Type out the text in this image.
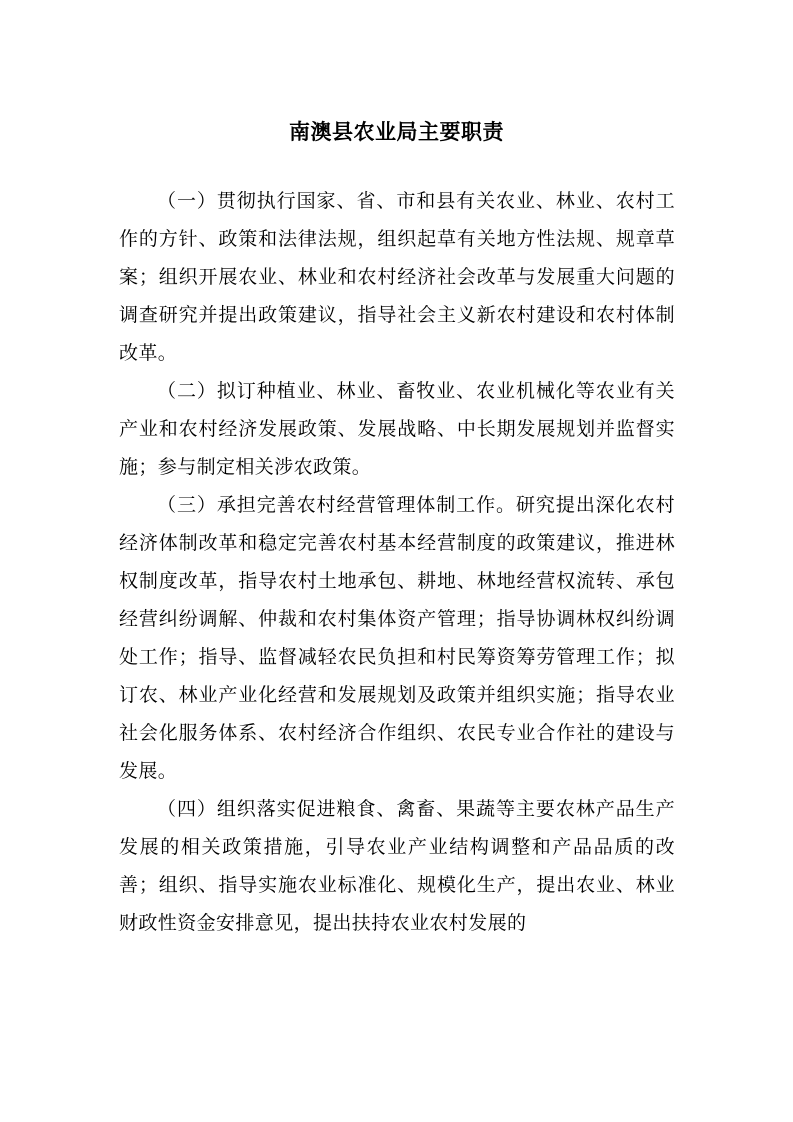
南澳县农业局主要职责

（一）贯彻执行国家、省、市和县有关农业、林业、农村工作的方针、政策和法律法规，组织起草有关地方性法规、规章草案；组织开展农业、林业和农村经济社会改革与发展重大问题的调查研究并提出政策建议，指导社会主义新农村建设和农村体制改革。

（二）拟订种植业、林业、畜牧业、农业机械化等农业有关产业和农村经济发展政策、发展战略、中长期发展规划并监督实施；参与制定相关涉农政策。

（三）承担完善农村经营管理体制工作。研究提出深化农村经济体制改革和稳定完善农村基本经营制度的政策建议，推进林权制度改革，指导农村土地承包、耕地、林地经营权流转、承包经营纠纷调解、仲裁和农村集体资产管理；指导协调林权纠纷调处工作；指导、监督减轻农民负担和村民筹资筹劳管理工作；拟订农、林业产业化经营和发展规划及政策并组织实施；指导农业社会化服务体系、农村经济合作组织、农民专业合作社的建设与发展。

（四）组织落实促进粮食、禽畜、果蔬等主要农林产品生产发展的相关政策措施，引导农业产业结构调整和产品品质的改善；组织、指导实施农业标准化、规模化生产，提出农业、林业财政性资金安排意见，提出扶持农业农村发展的
